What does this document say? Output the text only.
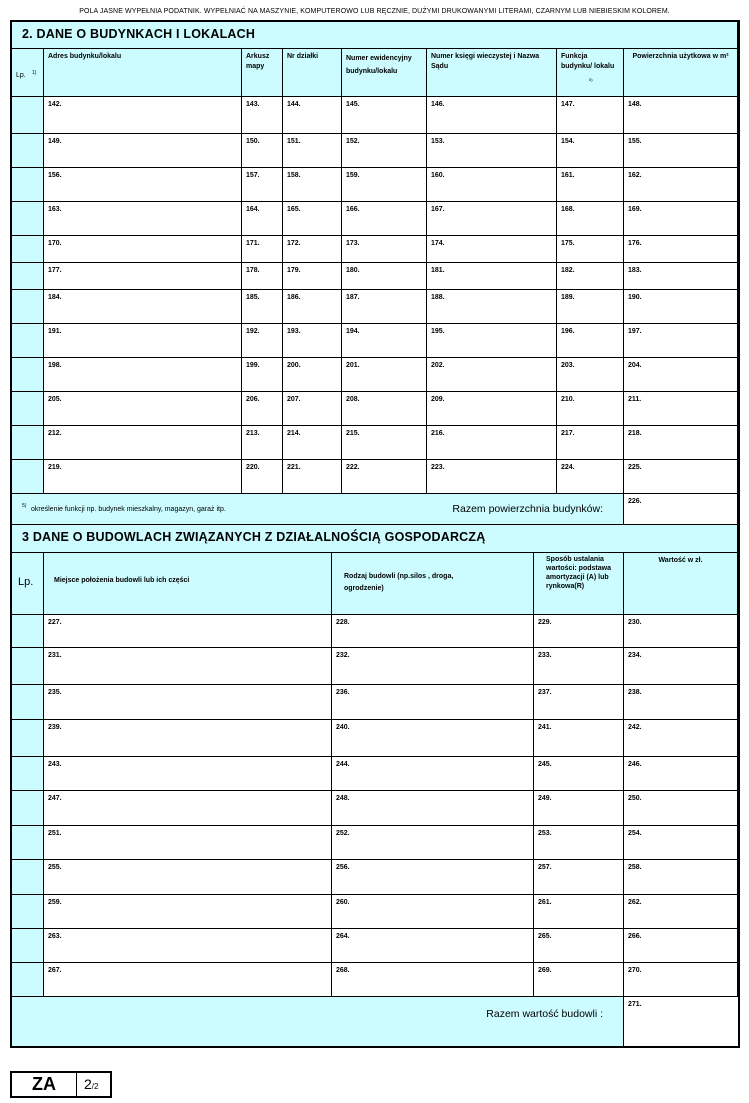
POLA JASNE WYPEŁNIA PODATNIK. WYPEŁNIAĆ NA MASZYNIE, KOMPUTEROWO LUB RĘCZNIE, DUŻYMI DRUKOWANYMI LITERAMI, CZARNYM LUB NIEBIESKIM KOLOREM.
2. DANE O BUDYNKACH I LOKALACH
Lp. 1)
Adres budynku/lokalu	Arkusz mapy
Nr działki	Numer ewidencyjny budynku/lokalu
Numer księgi wieczystej i Nazwa Sądu
Funkcja budynku/ lokalu
5)
Powierzchnia użytkowa w m²
142.	143.	144.	145.	146.	147.	148.
149.	150.	151.	152.	153.	154.	155.
156.	157.	158.	159.	160.	161.	162.
163.	164.	165.	166.	167.	168.	169.
170.	171.	172.	173.	174.	175.	176.
177.	178.	179.	180.	181.	182.	183.
184.	185.	186.	187.	188.	189.	190.
191.	192.	193.	194.	195.	196.	197.
198.	199.	200.	201.	202.	203.	204.
205.	206.	207.	208.	209.	210.	211.
212.	213.	214.	215.	216.	217.	218.
219.	220.	221.	222.	223.	224.	225.
5) określenie funkcji np. budynek mieszkalny, magazyn, garaż itp.	Razem powierzchnia budynków:
226.
3 DANE O BUDOWLACH ZWIĄZANYCH Z DZIAŁALNOŚCIĄ GOSPODARCZĄ
Lp.	Miejsce położenia budowli lub ich części
Rodzaj budowli (np.silos , droga, ogrodzenie)
Sposób ustalania wartości: podstawa amortyzacji (A) lub rynkowa(R)
Wartość w zł.
227.	228.	229.	230.
231.	232.	233.	234.
235.	236.	237.	238.
239.	240.	241.	242.
243.	244.	245.	246.
247.	248.	249.	250.
251.	252.	253.	254.
255.	256.	257.	258.
259.	260.	261.	262.
263.	264.	265.	266.
267.	268.	269.	270.
Razem wartość budowli :
271.
ZA	2/2
